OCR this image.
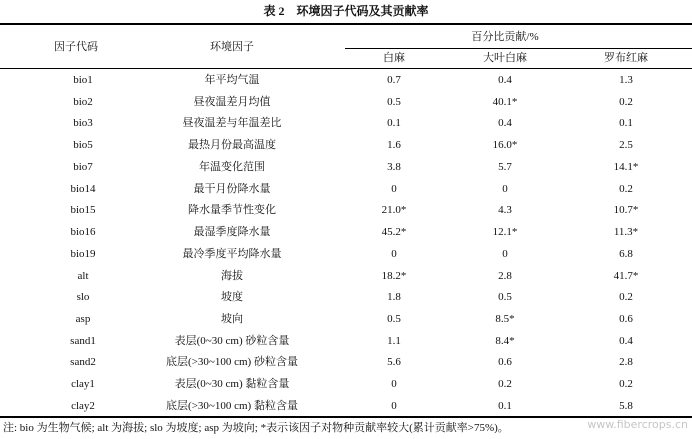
表 2　环境因子代码及其贡献率
因子代码	环境因子
百分比贡献/%
白麻	大叶白麻	罗布红麻
bio1	年平均气温	0.7	0.4	1.3
bio2	昼夜温差月均值	0.5	40.1*	0.2
bio3	昼夜温差与年温差比	0.1	0.4	0.1
bio5	最热月份最高温度	1.6	16.0*	2.5
bio7	年温变化范围	3.8	5.7	14.1*
bio14	最干月份降水量	0	0	0.2
bio15	降水量季节性变化	21.0*	4.3	10.7*
bio16	最湿季度降水量	45.2*	12.1*	11.3*
bio19	最冷季度平均降水量	0	0	6.8
alt	海拔	18.2*	2.8	41.7*
slo	坡度	1.8	0.5	0.2
asp	坡向	0.5	8.5*	0.6
sand1	表层(0~30 cm) 砂粒含量	1.1	8.4*	0.4
sand2	底层(>30~100 cm) 砂粒含量	5.6	0.6	2.8
clay1	表层(0~30 cm) 黏粒含量	0	0.2	0.2
clay2	底层(>30~100 cm) 黏粒含量	0	0.1	5.8
注: bio 为生物气候; alt 为海拔; slo 为坡度; asp 为坡向; *表示该因子对物种贡献率较大(累计贡献率>75%)。	www.fibercrops.cn
